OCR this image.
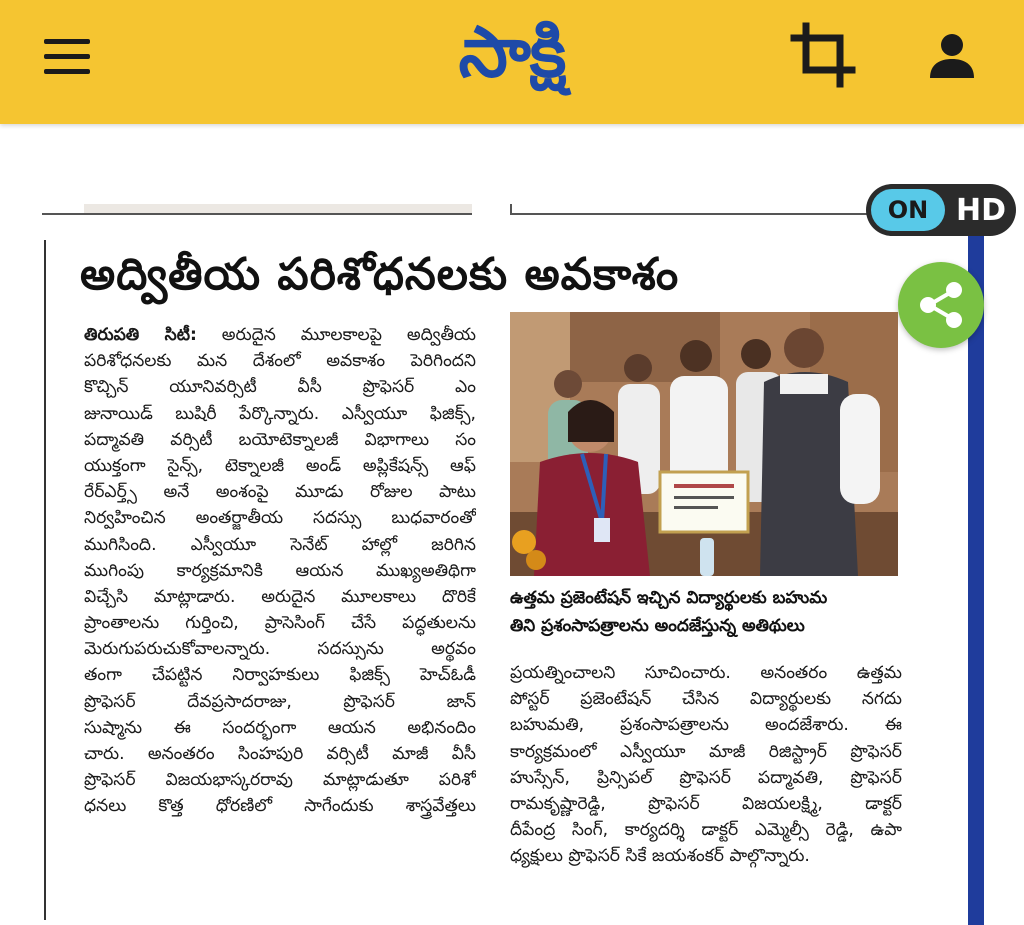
సాక్షి
ON HD
అద్వితీయ పరిశోధనలకు అవకాశం
తిరుపతి సిటీ: అరుదైన మూలకాలపై అద్వితీయ
పరిశోధనలకు మన దేశంలో అవకాశం పెరిగిందని
కొచ్చిన్ యూనివర్సిటీ వీసీ ప్రొఫెసర్ ఎం
జునాయిడ్ బుషిరీ పేర్కొన్నారు. ఎస్వీయూ ఫిజిక్స్,
పద్మావతి వర్సిటీ బయోటెక్నాలజీ విభాగాలు సం
యుక్తంగా సైన్స్, టెక్నాలజీ అండ్ అప్లికేషన్స్ ఆఫ్
రేర్ఎర్త్స్ అనే అంశంపై మూడు రోజుల పాటు
నిర్వహించిన అంతర్జాతీయ సదస్సు బుధవారంతో
ముగిసింది. ఎస్వీయూ సెనేట్ హాల్లో జరిగిన
ముగింపు కార్యక్రమానికి ఆయన ముఖ్యఅతిథిగా
విచ్చేసి మాట్లాడారు. అరుదైన మూలకాలు దొరికే
ప్రాంతాలను గుర్తించి, ప్రాసెసింగ్ చేసే పద్ధతులను
మెరుగుపరుచుకోవాలన్నారు. సదస్సును అర్థవం
తంగా చేపట్టిన నిర్వాహకులు ఫిజిక్స్ హెచ్ఓడీ
ప్రొఫెసర్ దేవప్రసాదరాజు, ప్రొఫెసర్ జాన్
సుష్మాను ఈ సందర్భంగా ఆయన అభినందిం
చారు. అనంతరం సింహపురి వర్సిటీ మాజీ వీసీ
ప్రొఫెసర్ విజయభాస్కరరావు మాట్లాడుతూ పరిశో
ధనలు కొత్త ధోరణిలో సాగేందుకు శాస్త్రవేత్తలు
ఉత్తమ ప్రజెంటేషన్ ఇచ్చిన విద్యార్థులకు బహుమ
తిని ప్రశంసాపత్రాలను అందజేస్తున్న అతిథులు
ప్రయత్నించాలని సూచించారు. అనంతరం ఉత్తమ
పోస్టర్ ప్రజెంటేషన్ చేసిన విద్యార్థులకు నగదు
బహుమతి, ప్రశంసాపత్రాలను అందజేశారు. ఈ
కార్యక్రమంలో ఎస్వీయూ మాజీ రిజిస్ట్రార్ ప్రొఫెసర్
హుస్సేన్, ప్రిన్సిపల్ ప్రొఫెసర్ పద్మావతి, ప్రొఫెసర్
రామకృష్ణారెడ్డి, ప్రొఫెసర్ విజయలక్ష్మి, డాక్టర్
దీపేంద్ర సింగ్, కార్యదర్శి డాక్టర్ ఎమ్మెల్సీ రెడ్డి, ఉపా
ధ్యక్షులు ప్రొఫెసర్ సికే జయశంకర్ పాల్గొన్నారు.
